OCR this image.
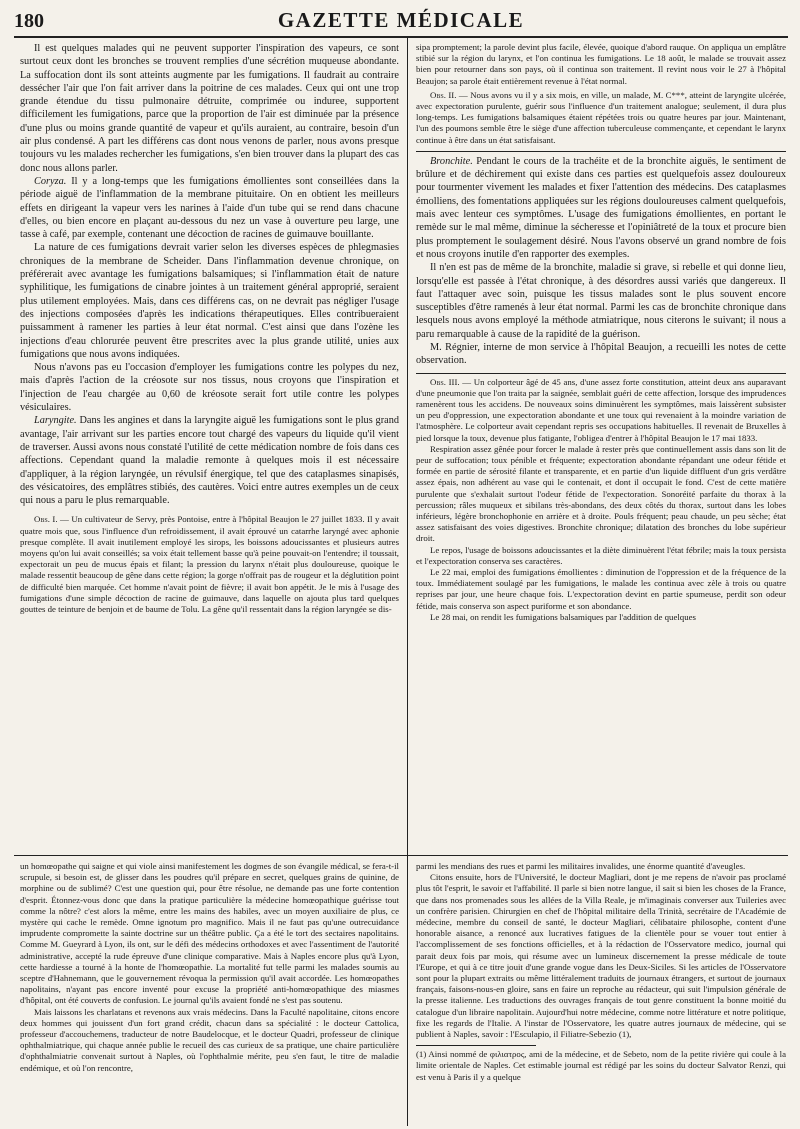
180	GAZETTE MÉDICALE

Il est quelques malades qui ne peuvent supporter l'inspiration des vapeurs, ce sont surtout ceux dont les bronches se trouvent remplies d'une sécrétion muqueuse abondante. La suffocation dont ils sont atteints augmente par les fumigations. Il faudrait au contraire dessécher l'air que l'on fait arriver dans la poitrine de ces malades. Ceux qui ont une trop grande étendue du tissu pulmonaire détruite, comprimée ou induree, supportent difficilement les fumigations, parce que la proportion de l'air est diminuée par la présence d'une plus ou moins grande quantité de vapeur et qu'ils auraient, au contraire, besoin d'un air plus condensé. A part les différens cas dont nous venons de parler, nous avons presque toujours vu les malades rechercher les fumigations, s'en bien trouver dans la plupart des cas donc nous allons parler.

Coryza. Il y a long-temps que les fumigations émollientes sont conseillées dans la période aiguë de l'inflammation de la membrane pituitaire. On en obtient les meilleurs effets en dirigeant la vapeur vers les narines à l'aide d'un tube qui se rend dans chacune d'elles, ou bien encore en plaçant au-dessous du nez un vase à ouverture peu large, une tasse à café, par exemple, contenant une décoction de racines de guimauve bouillante.

La nature de ces fumigations devrait varier selon les diverses espèces de phlegmasies chroniques de la membrane de Scheider. Dans l'inflammation devenue chronique, on préférerait avec avantage les fumigations balsamiques; si l'inflammation était de nature syphilitique, les fumigations de cinabre jointes à un traitement général approprié, seraient plus utilement employées. Mais, dans ces différens cas, on ne devrait pas négliger l'usage des injections composées d'après les indications thérapeutiques. Elles contribueraient puissamment à ramener les parties à leur état normal. C'est ainsi que dans l'ozène les injections d'eau chlorurée peuvent être prescrites avec la plus grande utilité, unies aux fumigations que nous avons indiquées.

Nous n'avons pas eu l'occasion d'employer les fumigations contre les polypes du nez, mais d'après l'action de la créosote sur nos tissus, nous croyons que l'inspiration et l'injection de l'eau chargée au 0,60 de kréosote serait fort utile contre les polypes vésiculaires.

Laryngite. Dans les angines et dans la laryngite aiguë les fumigations sont le plus grand avantage, l'air arrivant sur les parties encore tout chargé des vapeurs du liquide qu'il vient de traverser. Aussi avons nous constaté l'utilité de cette médication nombre de fois dans ces affections. Cependant quand la maladie remonte à quelques mois il est nécessaire d'appliquer, à la région laryngée, un révulsif énergique, tel que des cataplasmes sinapisés, des vésicatoires, des emplâtres stibiés, des cautères. Voici entre autres exemples un de ceux qui nous a paru le plus remarquable.

Obs. I. — Un cultivateur de Servy, près Pontoise, entre à l'hôpital Beaujon le 27 juillet 1833. Il y avait quatre mois que, sous l'influence d'un refroidissement, il avait éprouvé un catarrhe laryngé avec aphonie presque complète. Il avait inutilement employé les sirops, les boissons adoucissantes et plusieurs autres moyens qu'on lui avait conseillés; sa voix était tellement basse qu'à peine pouvait-on l'entendre; il toussait, expectorait un peu de mucus épais et filant; la pression du larynx n'était plus douloureuse, quoique le malade ressentit beaucoup de gêne dans cette région; la gorge n'offrait pas de rougeur et la déglutition point de difficulté bien marquée. Cet homme n'avait point de fièvre; il avait bon appétit. Je le mis à l'usage des fumigations d'une simple décoction de racine de guimauve, dans laquelle on ajouta plus tard quelques gouttes de teinture de benjoin et de baume de Tolu. La gêne qu'il ressentait dans la région laryngée se dis-

sipa promptement; la parole devint plus facile, élevée, quoique d'abord rauque. On appliqua un emplâtre stibié sur la région du larynx, et l'on continua les fumigations. Le 18 août, le malade se trouvait assez bien pour retourner dans son pays, où il continua son traitement. Il revint nous voir le 27 à l'hôpital Beaujon; sa parole était entièrement revenue à l'état normal.

Obs. II. — Nous avons vu il y a six mois, en ville, un malade, M. C***, atteint de laryngite ulcérée, avec expectoration purulente, guérir sous l'influence d'un traitement analogue; seulement, il dura plus long-temps. Les fumigations balsamiques étaient répétées trois ou quatre heures par jour. Maintenant, l'un des poumons semble être le siège d'une affection tuberculeuse commençante, et cependant le larynx continue à être dans un état satisfaisant.

Bronchite. Pendant le cours de la trachéite et de la bronchite aiguës, le sentiment de brûlure et de déchirement qui existe dans ces parties est quelquefois assez douloureux pour tourmenter vivement les malades et fixer l'attention des médecins. Des cataplasmes émolliens, des fomentations appliquées sur les régions douloureuses calment quelquefois, mais avec lenteur ces symptômes. L'usage des fumigations émollientes, en portant le remède sur le mal même, diminue la sécheresse et l'opiniâtreté de la toux et procure bien plus promptement le soulagement désiré. Nous l'avons observé un grand nombre de fois et nous croyons inutile d'en rapporter des exemples.

Il n'en est pas de même de la bronchite, maladie si grave, si rebelle et qui donne lieu, lorsqu'elle est passée à l'état chronique, à des désordres aussi variés que dangereux. Il faut l'attaquer avec soin, puisque les tissus malades sont le plus souvent encore susceptibles d'être ramenés à leur état normal. Parmi les cas de bronchite chronique dans lesquels nous avons employé la méthode atmiatrique, nous citerons le suivant; il nous a paru remarquable à cause de la rapidité de la guérison.

M. Régnier, interne de mon service à l'hôpital Beaujon, a recueilli les notes de cette observation.

Obs. III. — Un colporteur âgé de 45 ans, d'une assez forte constitution, atteint deux ans auparavant d'une pneumonie que l'on traita par la saignée, semblait guéri de cette affection, lorsque des imprudences ramenèrent tous les accidens. De nouveaux soins diminuèrent les symptômes, mais laissèrent subsister un peu d'oppression, une expectoration abondante et une toux qui revenaient à la moindre variation de l'atmosphère. Le colporteur avait cependant repris ses occupations habituelles. Il revenait de Bruxelles à pied lorsque la toux, devenue plus fatigante, l'obligea d'entrer à l'hôpital Beaujon le 17 mai 1833.

Respiration assez gênée pour forcer le malade à rester près que continuellement assis dans son lit de peur de suffocation; toux pénible et fréquente; expectoration abondante répandant une odeur fétide et formée en partie de sérosité filante et transparente, et en partie d'un liquide diffluent d'un gris verdâtre assez épais, non adhérent au vase qui le contenait, et dont il occupait le fond. C'est de cette matière purulente que s'exhalait surtout l'odeur fétide de l'expectoration. Sonoréité parfaite du thorax à la percussion; râles muqueux et sibilans très-abondans, des deux côtés du thorax, surtout dans les lobes inférieurs, légère bronchophonie en arrière et à droite. Pouls fréquent; peau chaude, un peu sèche; état assez satisfaisant des voies digestives. Bronchite chronique; dilatation des bronches du lobe supérieur droit.

Le repos, l'usage de boissons adoucissantes et la diète diminuèrent l'état fébrile; mais la toux persista et l'expectoration conserva ses caractères.

Le 22 mai, emploi des fumigations émollientes : diminution de l'oppression et de la fréquence de la toux. Immédiatement soulagé par les fumigations, le malade les continua avec zèle à trois ou quatre reprises par jour, une heure chaque fois. L'expectoration devint en partie spumeuse, perdit son odeur fétide, mais conserva son aspect puriforme et son abondance.

Le 28 mai, on rendit les fumigations balsamiques par l'addition de quelques

un homœopathe qui saigne et qui viole ainsi manifestement les dogmes de son évangile médical, se fera-t-il scrupule, si besoin est, de glisser dans les poudres qu'il prépare en secret, quelques grains de quinine, de morphine ou de sublimé? C'est une question qui, pour être résolue, ne demande pas une forte contention d'esprit. Étonnez-vous donc que dans la pratique particulière la médecine homœopathique guérisse tout comme la nôtre? c'est alors la même, entre les mains des habiles, avec un moyen auxiliaire de plus, ce mystère qui cache le remède. Omne ignotum pro magnifico. Mais il ne faut pas qu'une outrecuidance imprudente compromette la sainte doctrine sur un théâtre public. Ça a été le tort des sectaires napolitains. Comme M. Gueyrard à Lyon, ils ont, sur le défi des médecins orthodoxes et avec l'assentiment de l'autorité administrative, accepté la rude épreuve d'une clinique comparative. Mais à Naples encore plus qu'à Lyon, cette hardiesse a tourné à la honte de l'homœopathie. La mortalité fut telle parmi les malades soumis au sceptre d'Hahnemann, que le gouvernement révoqua la permission qu'il avait accordée. Les homœopathes napolitains, n'ayant pas encore inventé pour excuse la propriété anti-homœopathique des miasmes d'hôpital, ont été couverts de confusion. Le journal qu'ils avaient fondé ne s'est pas soutenu.

Mais laissons les charlatans et revenons aux vrais médecins. Dans la Faculté napolitaine, citons encore deux hommes qui jouissent d'un fort grand crédit, chacun dans sa spécialité : le docteur Cattolica, professeur d'accouchemens, traducteur de notre Baudelocque, et le docteur Quadri, professeur de clinique ophthalmiatrique, qui chaque année publie le recueil des cas curieux de sa pratique, une chaire particulière d'ophthalmiatrie convenait surtout à Naples, où l'ophthalmie mérite, peu s'en faut, le titre de maladie endémique, et où l'on rencontre,

parmi les mendians des rues et parmi les militaires invalides, une énorme quantité d'aveugles.

Citons ensuite, hors de l'Université, le docteur Magliari, dont je me repens de n'avoir pas proclamé plus tôt l'esprit, le savoir et l'affabilité. Il parle si bien notre langue, il sait si bien les choses de la France, que dans nos promenades sous les allées de la Villa Reale, je m'imaginais converser aux Tuileries avec un confrère parisien. Chirurgien en chef de l'hôpital militaire della Trinità, secrétaire de l'Académie de médecine, membre du conseil de santé, le docteur Magliari, célibataire philosophe, content d'une honorable aisance, a renoncé aux lucratives fatigues de la clientèle pour se vouer tout entier à l'accomplissement de ses fonctions officielles, et à la rédaction de l'Osservatore medico, journal qui parait deux fois par mois, qui résume avec un lumineux discernement la presse médicale de toute l'Europe, et qui à ce titre jouit d'une grande vogue dans les Deux-Siciles. Si les articles de l'Osservatore sont pour la plupart extraits ou même littéralement traduits de journaux étrangers, et surtout de journaux français, faisons-nous-en gloire, sans en faire un reproche au rédacteur, qui suit l'impulsion générale de la presse italienne. Les traductions des ouvrages français de tout genre constituent la bonne moitié du catalogue d'un libraire napolitain. Aujourd'hui notre médecine, comme notre littérature et notre politique, fixe les regards de l'Italie. A l'instar de l'Osservatore, les quatre autres journaux de médecine, qui se publient à Naples, savoir : l'Esculapio, il Filiatre-Sebezio (1),

(1) Ainsi nommé de φιλιατρος, ami de la médecine, et de Sebeto, nom de la petite rivière qui coule à la limite orientale de Naples. Cet estimable journal est rédigé par les soins du docteur Salvator Renzi, qui est venu à Paris il y a quelque
